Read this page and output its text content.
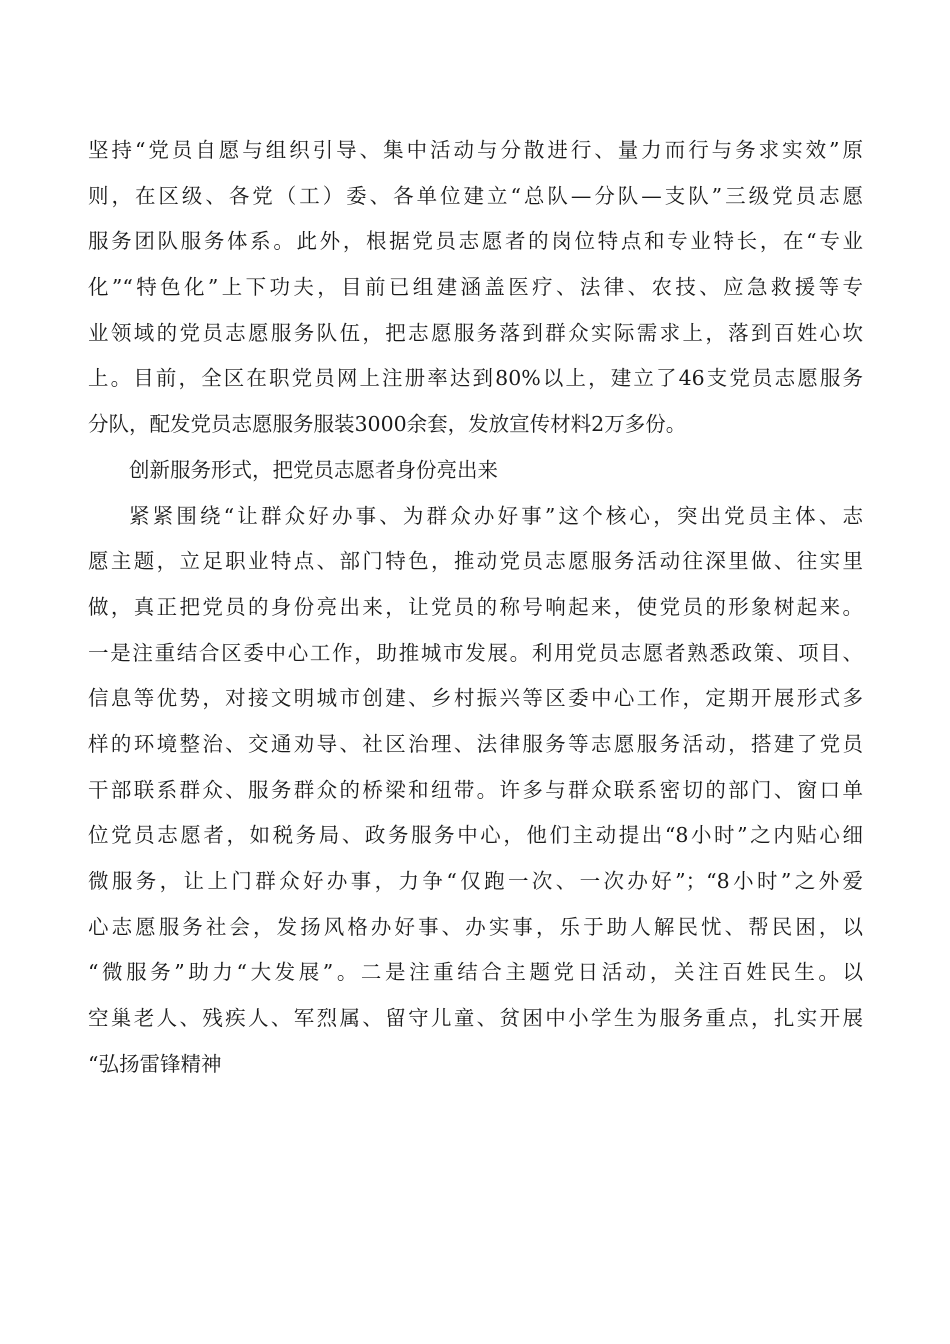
坚持“党员自愿与组织引导、集中活动与分散进行、量力而行与务求实效”原
则，在区级、各党（工）委、各单位建立“总队—分队—支队”三级党员志愿
服务团队服务体系。此外，根据党员志愿者的岗位特点和专业特长，在“专业
化”“特色化”上下功夫，目前已组建涵盖医疗、法律、农技、应急救援等专
业领域的党员志愿服务队伍，把志愿服务落到群众实际需求上，落到百姓心坎
上。目前，全区在职党员网上注册率达到80%以上，建立了46支党员志愿服务
分队，配发党员志愿服务服装3000余套，发放宣传材料2万多份。
创新服务形式，把党员志愿者身份亮出来
紧紧围绕“让群众好办事、为群众办好事”这个核心，突出党员主体、志
愿主题，立足职业特点、部门特色，推动党员志愿服务活动往深里做、往实里
做，真正把党员的身份亮出来，让党员的称号响起来，使党员的形象树起来。
一是注重结合区委中心工作，助推城市发展。利用党员志愿者熟悉政策、项目、
信息等优势，对接文明城市创建、乡村振兴等区委中心工作，定期开展形式多
样的环境整治、交通劝导、社区治理、法律服务等志愿服务活动，搭建了党员
干部联系群众、服务群众的桥梁和纽带。许多与群众联系密切的部门、窗口单
位党员志愿者，如税务局、政务服务中心，他们主动提出“8小时”之内贴心细
微服务，让上门群众好办事，力争“仅跑一次、一次办好”；“8小时”之外爱
心志愿服务社会，发扬风格办好事、办实事，乐于助人解民忧、帮民困，以
“微服务”助力“大发展”。二是注重结合主题党日活动，关注百姓民生。以
空巢老人、残疾人、军烈属、留守儿童、贫困中小学生为服务重点，扎实开展
“弘扬雷锋精神
